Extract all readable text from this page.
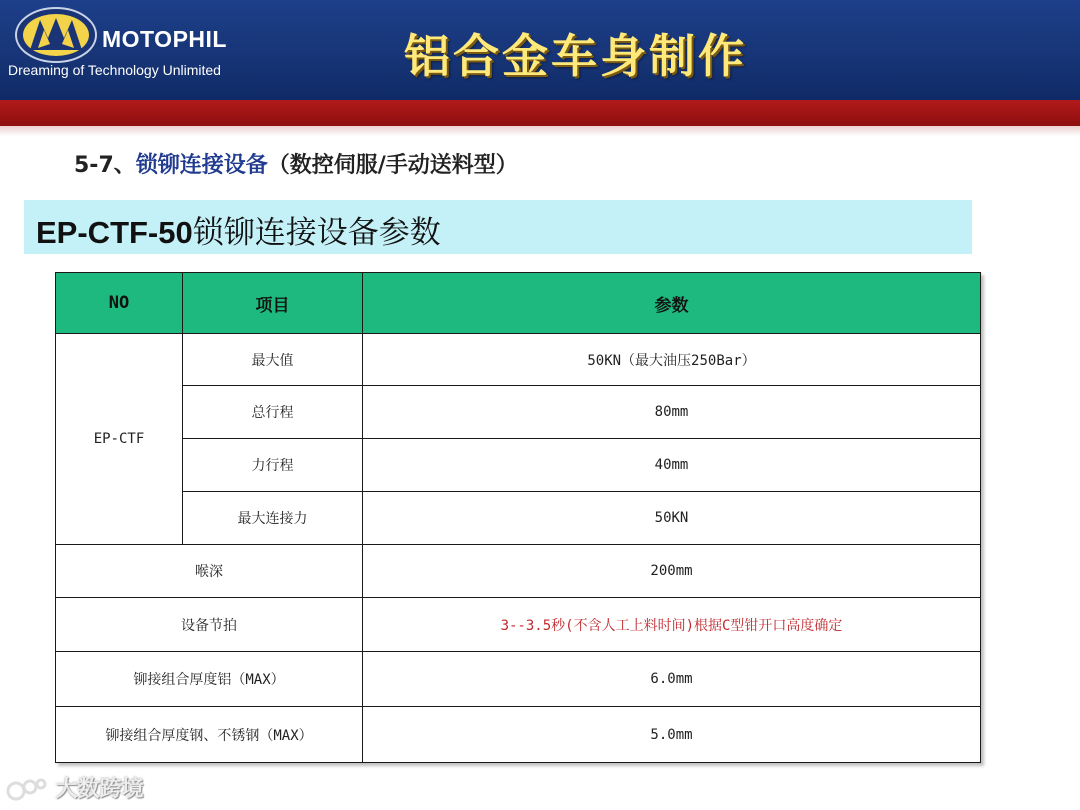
MOTOPHIL
Dreaming of Technology Unlimited	铝合金车身制作
5-7、锁铆连接设备（数控伺服/手动送料型）
EP-CTF-50锁铆连接设备参数
NO	项目	参数
EP-CTF	最大值	50KN（最大油压250Bar）
	总行程	80mm
	力行程	40mm
	最大连接力	50KN
喉深		200mm
设备节拍		3--3.5秒(不含人工上料时间)根据C型钳开口高度确定
铆接组合厚度铝（MAX）		6.0mm
铆接组合厚度钢、不锈钢（MAX）		5.0mm
大数跨境
